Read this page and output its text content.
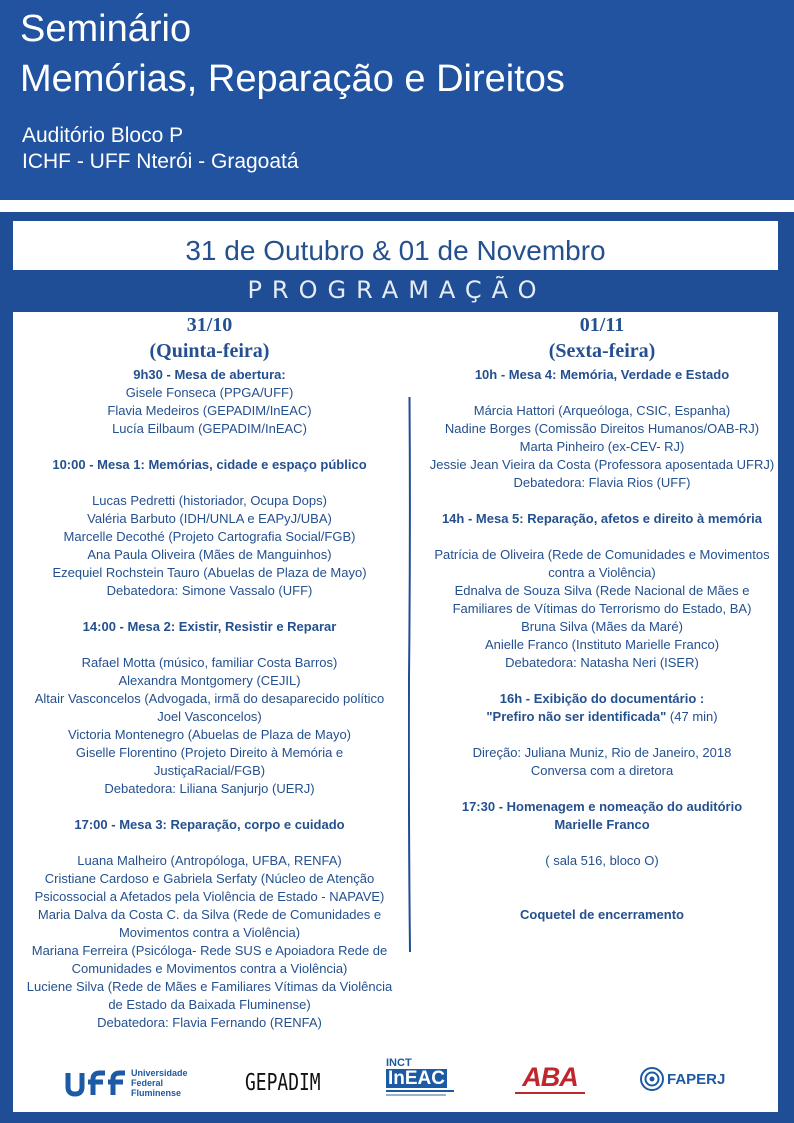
Seminário
Memórias, Reparação e Direitos
Auditório Bloco P
ICHF - UFF Nterói - Gragoatá
31 de Outubro & 01 de Novembro
PROGRAMAÇÃO
31/10
(Quinta-feira)
9h30 - Mesa de abertura:
Gisele Fonseca (PPGA/UFF)
Flavia Medeiros (GEPADIM/InEAC)
Lucía Eilbaum (GEPADIM/InEAC)
10:00 - Mesa 1: Memórias, cidade e espaço público
Lucas Pedretti (historiador, Ocupa Dops)
Valéria Barbuto (IDH/UNLA e EAPyJ/UBA)
Marcelle Decothé (Projeto Cartografia Social/FGB)
Ana Paula Oliveira (Mães de Manguinhos)
Ezequiel Rochstein Tauro (Abuelas de Plaza de Mayo)
Debatedora: Simone Vassalo (UFF)
14:00 - Mesa 2: Existir, Resistir e Reparar
Rafael Motta (músico, familiar Costa Barros)
Alexandra Montgomery (CEJIL)
Altair Vasconcelos (Advogada, irmã do desaparecido político
Joel Vasconcelos)
Victoria Montenegro (Abuelas de Plaza de Mayo)
Giselle Florentino (Projeto Direito à Memória e
JustiçaRacial/FGB)
Debatedora: Liliana Sanjurjo (UERJ)
17:00 - Mesa 3: Reparação, corpo e cuidado
Luana Malheiro (Antropóloga, UFBA, RENFA)
Cristiane Cardoso e Gabriela Serfaty (Núcleo de Atenção
Psicossocial a Afetados pela Violência de Estado - NAPAVE)
Maria Dalva da Costa C. da Silva (Rede de Comunidades e
Movimentos contra a Violência)
Mariana Ferreira (Psicóloga- Rede SUS e Apoiadora Rede de
Comunidades e Movimentos contra a Violência)
Luciene Silva (Rede de Mães e Familiares Vítimas da Violência
de Estado da Baixada Fluminense)
Debatedora: Flavia Fernando (RENFA)
01/11
(Sexta-feira)
10h - Mesa 4: Memória, Verdade e Estado
Márcia Hattori (Arqueóloga, CSIC, Espanha)
Nadine Borges (Comissão Direitos Humanos/OAB-RJ)
Marta Pinheiro (ex-CEV- RJ)
Jessie Jean Vieira da Costa (Professora aposentada UFRJ)
Debatedora: Flavia Rios (UFF)
14h - Mesa 5: Reparação, afetos e direito à memória
Patrícia de Oliveira (Rede de Comunidades e Movimentos
contra a Violência)
Ednalva de Souza Silva (Rede Nacional de Mães e
Familiares de Vítimas do Terrorismo do Estado, BA)
Bruna Silva (Mães da Maré)
Anielle Franco (Instituto Marielle Franco)
Debatedora: Natasha Neri (ISER)
16h - Exibição do documentário :
"Prefiro não ser identificada" (47 min)
Direção: Juliana Muniz, Rio de Janeiro, 2018
Conversa com a diretora
17:30 - Homenagem e nomeação do auditório
Marielle Franco
( sala 516, bloco O)
Coquetel de encerramento
Universidade
Federal
Fluminense	GEPADIM
INCT
InEAC	ABA	FAPERJ
